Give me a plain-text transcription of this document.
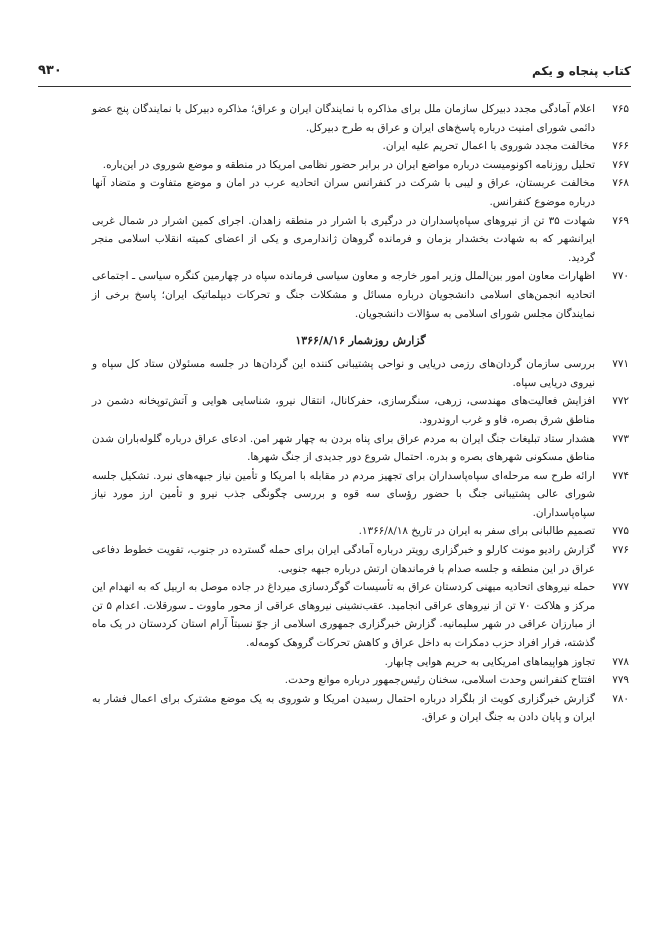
کتاب پنجاه و یکم
۹۳۰
۷۶۵
اعلام آمادگی مجدد دبیرکل سازمان ملل برای مذاکره با نمایندگان ایران و عراق؛ مذاکره دبیرکل با نمایندگان پنج عضو دائمی شورای امنیت درباره پاسخ‌های ایران و عراق به طرح دبیرکل.
۷۶۶
مخالفت مجدد شوروی با اعمال تحریم علیه ایران.
۷۶۷
تحلیل روزنامه اکونومیست درباره مواضع ایران در برابر حضور نظامی امریکا در منطقه و موضع شوروی در این‌باره.
۷۶۸
مخالفت عربستان، عراق و لیبی با شرکت در کنفرانس سران اتحادیه عرب در امان و موضع متفاوت و متضاد آنها درباره موضوع کنفرانس.
۷۶۹
شهادت ۳۵ تن از نیروهای سپاه‌پاسداران در درگیری با اشرار در منطقه زاهدان. اجرای کمین اشرار در شمال غربی ایرانشهر که به شهادت بخشدار بزمان و فرمانده گروهان ژاندارمری و یکی از اعضای کمیته انقلاب اسلامی منجر گردید.
۷۷۰
اظهارات معاون امور بین‌الملل وزیر امور خارجه و معاون سیاسی فرمانده سپاه در چهارمین کنگره سیاسی ـ اجتماعی اتحادیه انجمن‌های اسلامی دانشجویان درباره مسائل و مشکلات جنگ و تحرکات دیپلماتیک ایران؛ پاسخ برخی از نمایندگان مجلس شورای اسلامی به سؤالات دانشجویان.
گزارش روزشمار ۱۳۶۶/۸/۱۶
۷۷۱
بررسی سازمان گردان‌های رزمی دریایی و نواحی پشتیبانی کننده این گردان‌ها در جلسه مسئولان ستاد کل سپاه و نیروی دریایی سپاه.
۷۷۲
افزایش فعالیت‌های مهندسی، زرهی، سنگرسازی، حفرکانال، انتقال نیرو، شناسایی هوایی و آتش‌توپخانه دشمن در مناطق شرق بصره، فاو و غرب اروندرود.
۷۷۳
هشدار ستاد تبلیغات جنگ ایران به مردم عراق برای پناه بردن به چهار شهر امن. ادعای عراق درباره گلوله‌باران شدن مناطق مسکونی شهرهای بصره و بدره. احتمال شروع دور جدیدی از جنگ شهرها.
۷۷۴
ارائه طرح سه مرحله‌ای سپاه‌پاسداران برای تجهیز مردم در مقابله با امریکا و تأمین نیاز جبهه‌های نبرد. تشکیل جلسه شورای عالی پشتیبانی جنگ با حضور رؤسای سه قوه و بررسی چگونگی جذب نیرو و تأمین ارز مورد نیاز سپاه‌پاسداران.
۷۷۵
تصمیم طالبانی برای سفر به ایران در تاریخ ۱۳۶۶/۸/۱۸.
۷۷۶
گزارش رادیو مونت کارلو و خبرگزاری رویتر درباره آمادگی ایران برای حمله گسترده در جنوب، تقویت خطوط دفاعی عراق در این منطقه و جلسه صدام با فرماندهان ارتش درباره جبهه جنوبی.
۷۷۷
حمله نیروهای اتحادیه میهنی کردستان عراق به تأسیسات گوگردسازی میرداغ در جاده موصل به اربیل که به انهدام این مرکز و هلاکت ۷۰ تن از نیروهای عراقی انجامید. عقب‌نشینی نیروهای عراقی از محور ماووت ـ سورقلات. اعدام ۵ تن از مبارزان عراقی در شهر سلیمانیه. گزارش خبرگزاری جمهوری اسلامی از جوّ نسبتاً آرام استان کردستان در یک ماه گذشته، فرار افراد حزب دمکرات به داخل عراق و کاهش تحرکات گروهک کومه‌له.
۷۷۸
تجاوز هواپیماهای امریکایی به حریم هوایی چابهار.
۷۷۹
افتتاح کنفرانس وحدت اسلامی، سخنان رئیس‌جمهور درباره موانع وحدت.
۷۸۰
گزارش خبرگزاری کویت از بلگراد درباره احتمال رسیدن امریکا و شوروی به یک موضع مشترک برای اعمال فشار به ایران و پایان دادن به جنگ ایران و عراق.
